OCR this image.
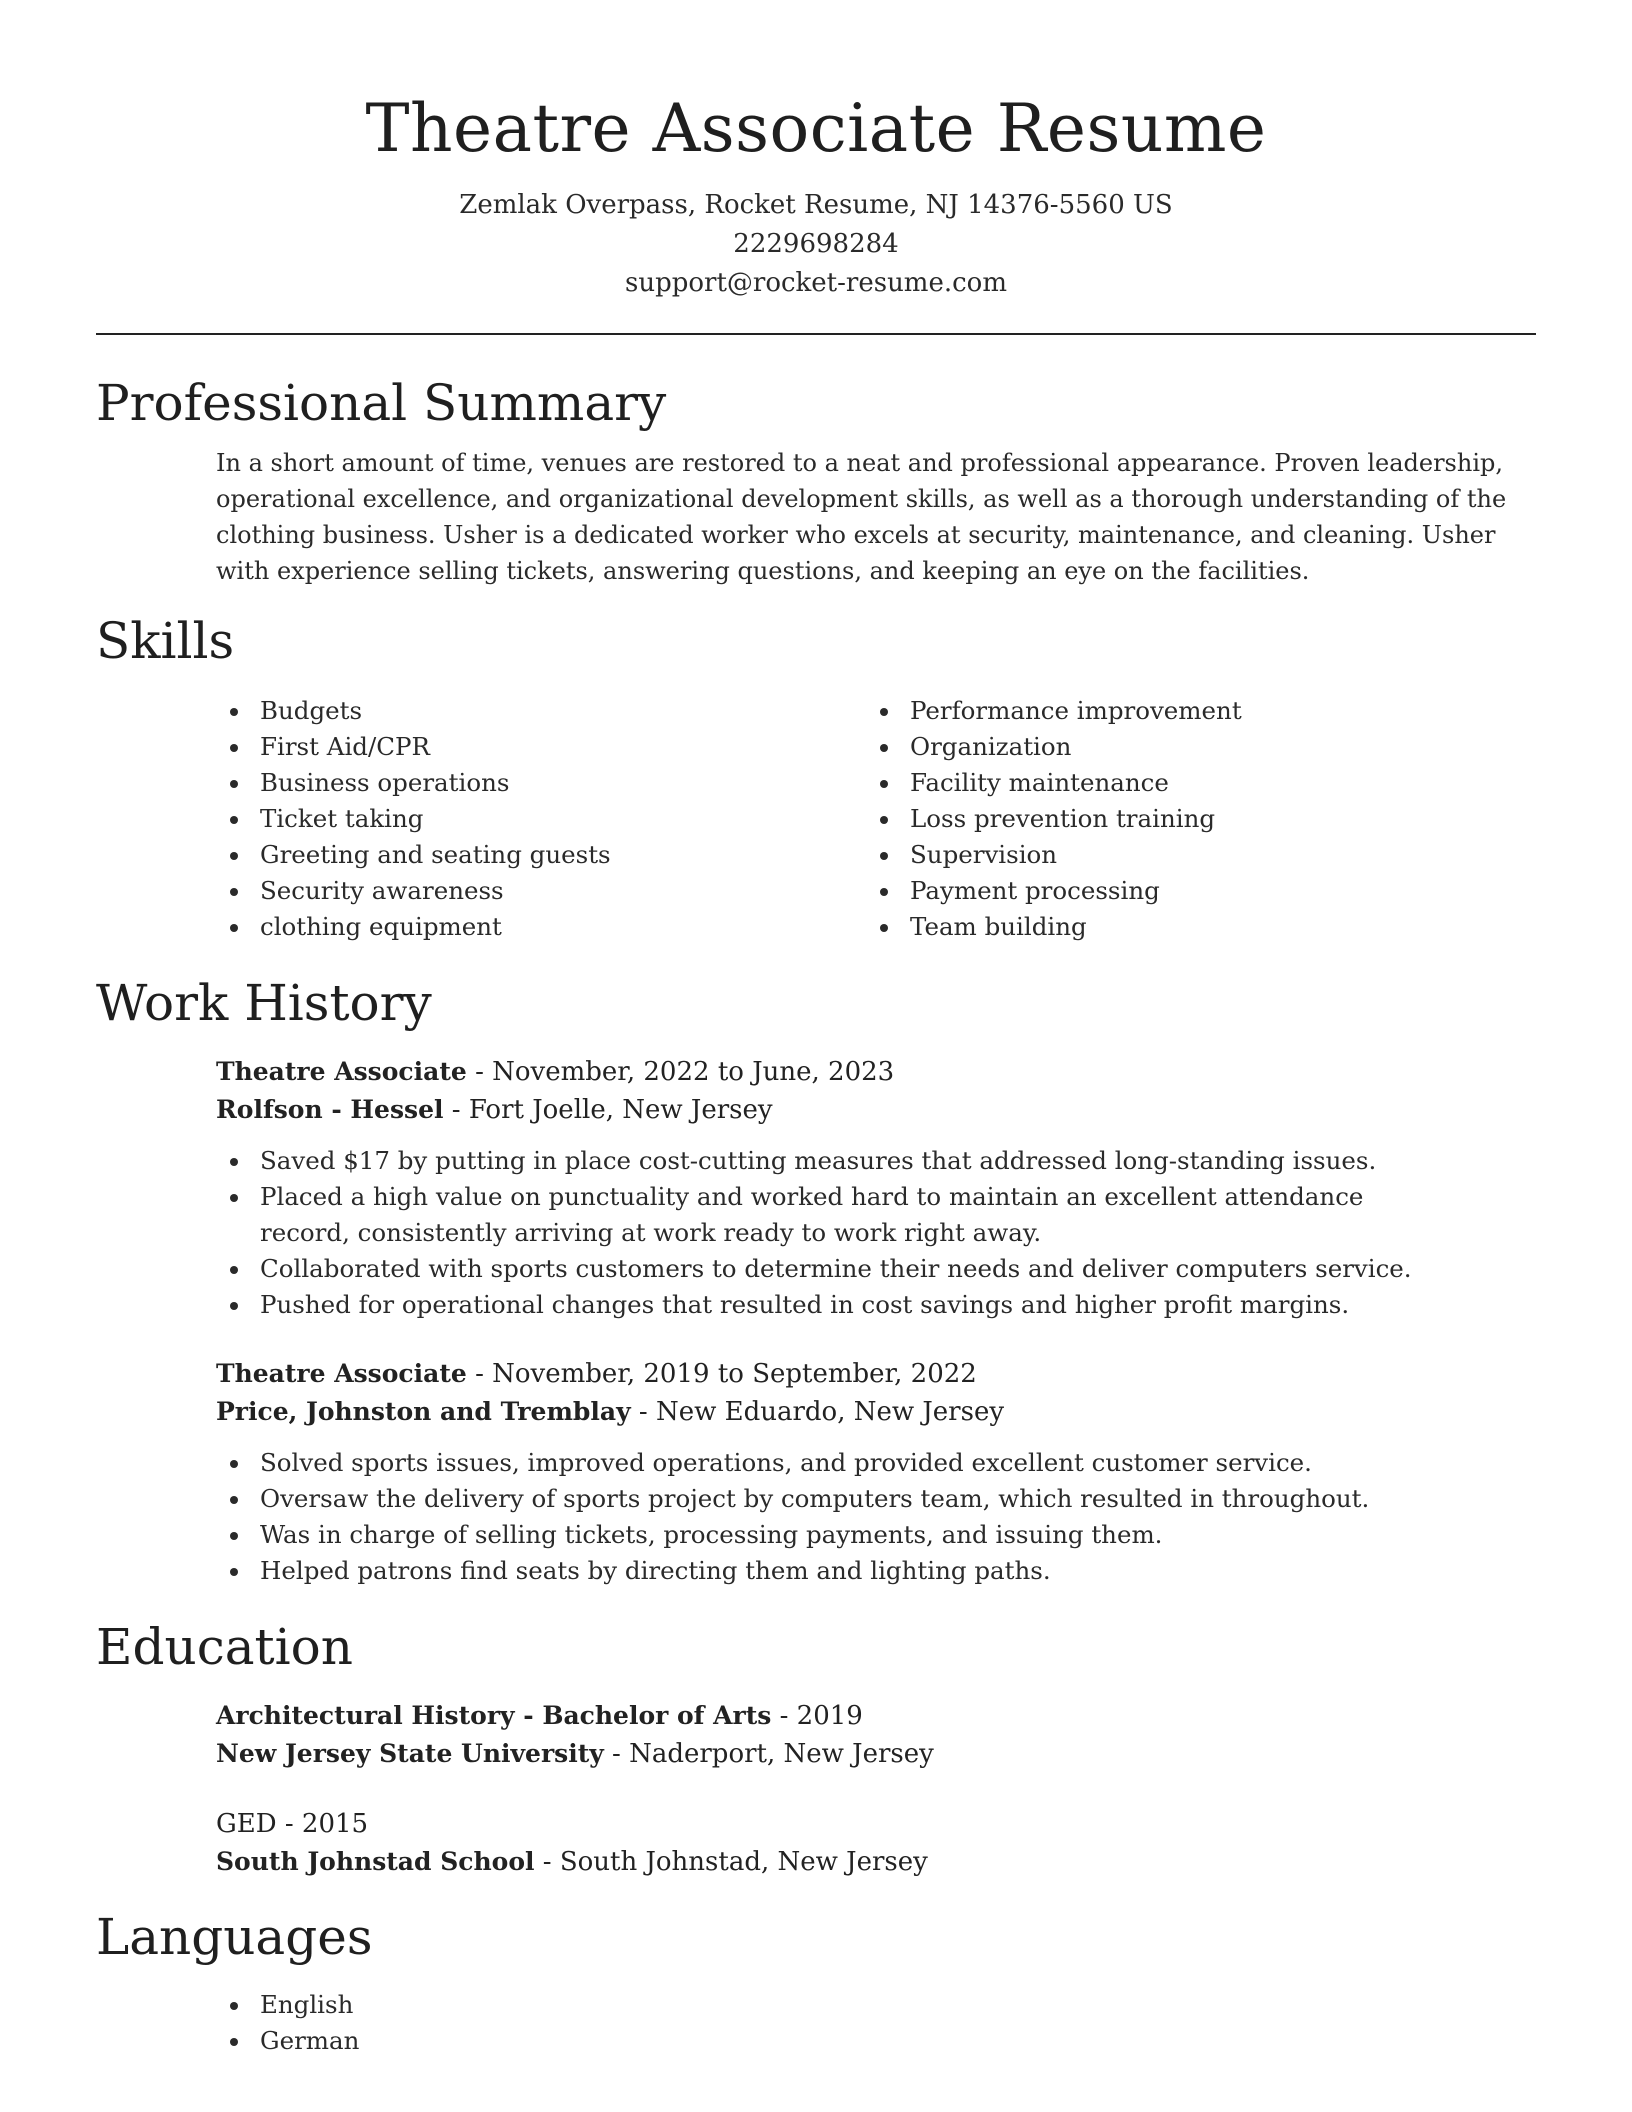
Theatre Associate Resume
Zemlak Overpass, Rocket Resume, NJ 14376-5560 US
2229698284
support@rocket-resume.com
Professional Summary
In a short amount of time, venues are restored to a neat and professional appearance. Proven leadership, operational excellence, and organizational development skills, as well as a thorough understanding of the clothing business. Usher is a dedicated worker who excels at security, maintenance, and cleaning. Usher with experience selling tickets, answering questions, and keeping an eye on the facilities.
Skills
Budgets
First Aid/CPR
Business operations
Ticket taking
Greeting and seating guests
Security awareness
clothing equipment
Performance improvement
Organization
Facility maintenance
Loss prevention training
Supervision
Payment processing
Team building
Work History
Theatre Associate - November, 2022 to June, 2023
Rolfson - Hessel - Fort Joelle, New Jersey
Saved $17 by putting in place cost-cutting measures that addressed long-standing issues.
Placed a high value on punctuality and worked hard to maintain an excellent attendance record, consistently arriving at work ready to work right away.
Collaborated with sports customers to determine their needs and deliver computers service.
Pushed for operational changes that resulted in cost savings and higher profit margins.
Theatre Associate - November, 2019 to September, 2022
Price, Johnston and Tremblay - New Eduardo, New Jersey
Solved sports issues, improved operations, and provided excellent customer service.
Oversaw the delivery of sports project by computers team, which resulted in throughout.
Was in charge of selling tickets, processing payments, and issuing them.
Helped patrons find seats by directing them and lighting paths.
Education
Architectural History - Bachelor of Arts - 2019
New Jersey State University - Naderport, New Jersey
GED - 2015
South Johnstad School - South Johnstad, New Jersey
Languages
English
German
